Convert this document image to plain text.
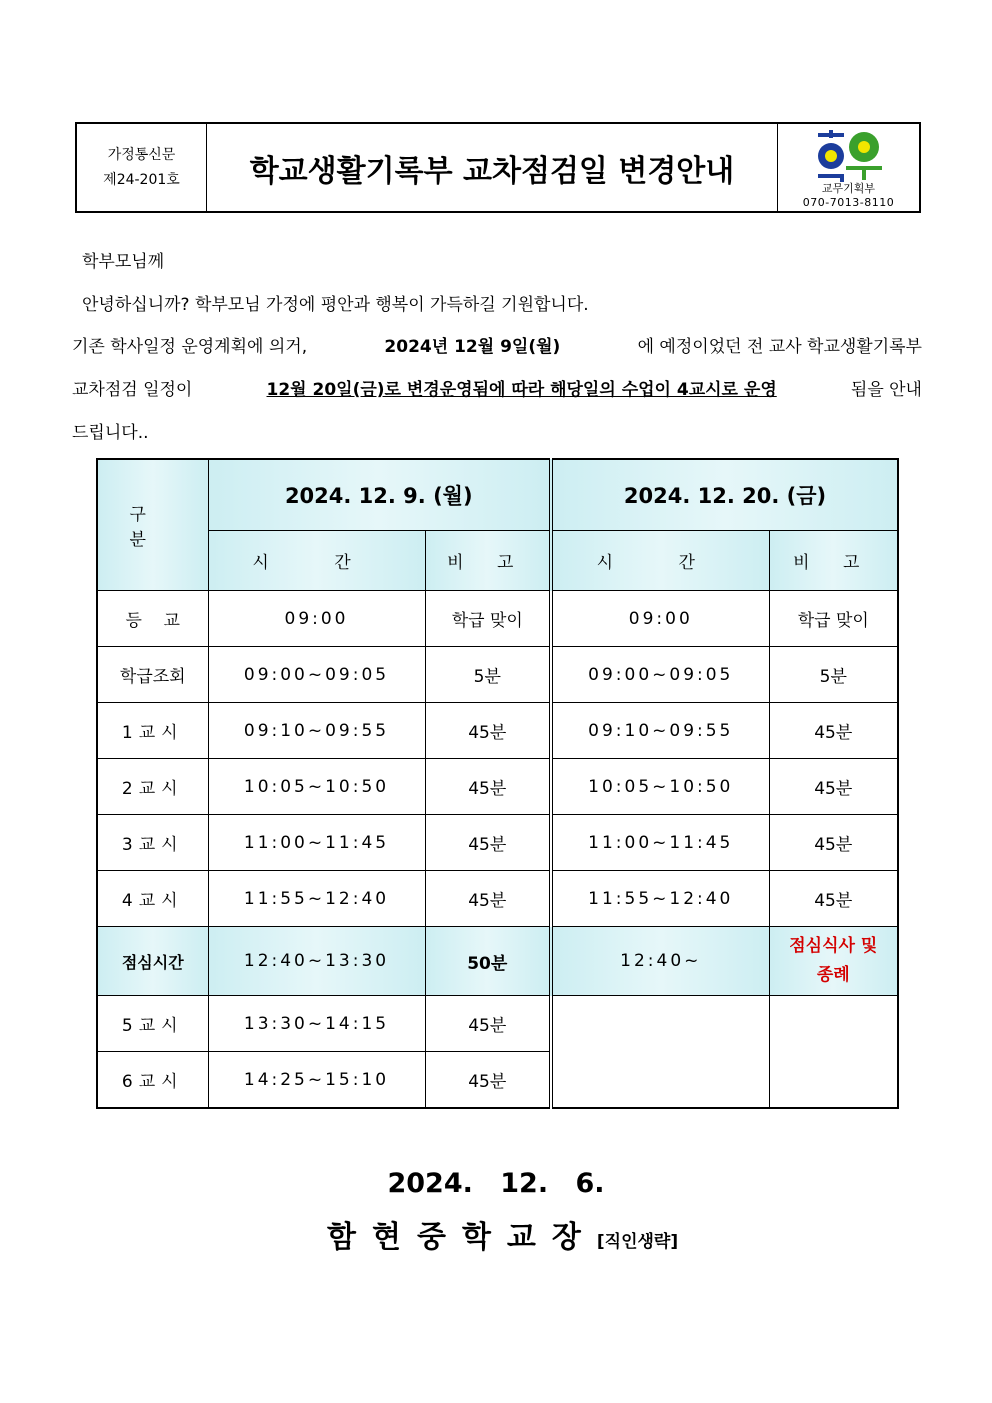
가정통신문
제24-201호	학교생활기록부 교차점검일 변경안내	교무기획부
070-7013-8110
학부모님께
안녕하십니까? 학부모님 가정에 평안과 행복이 가득하길 기원합니다.
기존 학사일정 운영계획에 의거,	2024년 12월 9일(월)	에 예정이었던 전 교사 학교생활기록부
교차점검 일정이	12월 20일(금)로 변경운영됨에 따라 해당일의 수업이 4교시로 운영	됨을 안내
드립니다..
구 분	2024. 12. 9. (월)		2024. 12. 20. (금)	
	시 간	비 고	시 간	비 고
등    교	09:00	학급 맞이	09:00	학급 맞이
학급조회	09:00~09:05	5분	09:00~09:05	5분
1교시	09:10~09:55	45분	09:10~09:55	45분
2교시	10:05~10:50	45분	10:05~10:50	45분
3교시	11:00~11:45	45분	11:00~11:45	45분
4교시	11:55~12:40	45분	11:55~12:40	45분
점심시간	12:40~13:30	50분	12:40~	점심식사 및
종례

5교시	13:30~14:15	45분		
6교시	14:25~15:10	45분		
2024. 12. 6.
함현중학교장[직인생략]
